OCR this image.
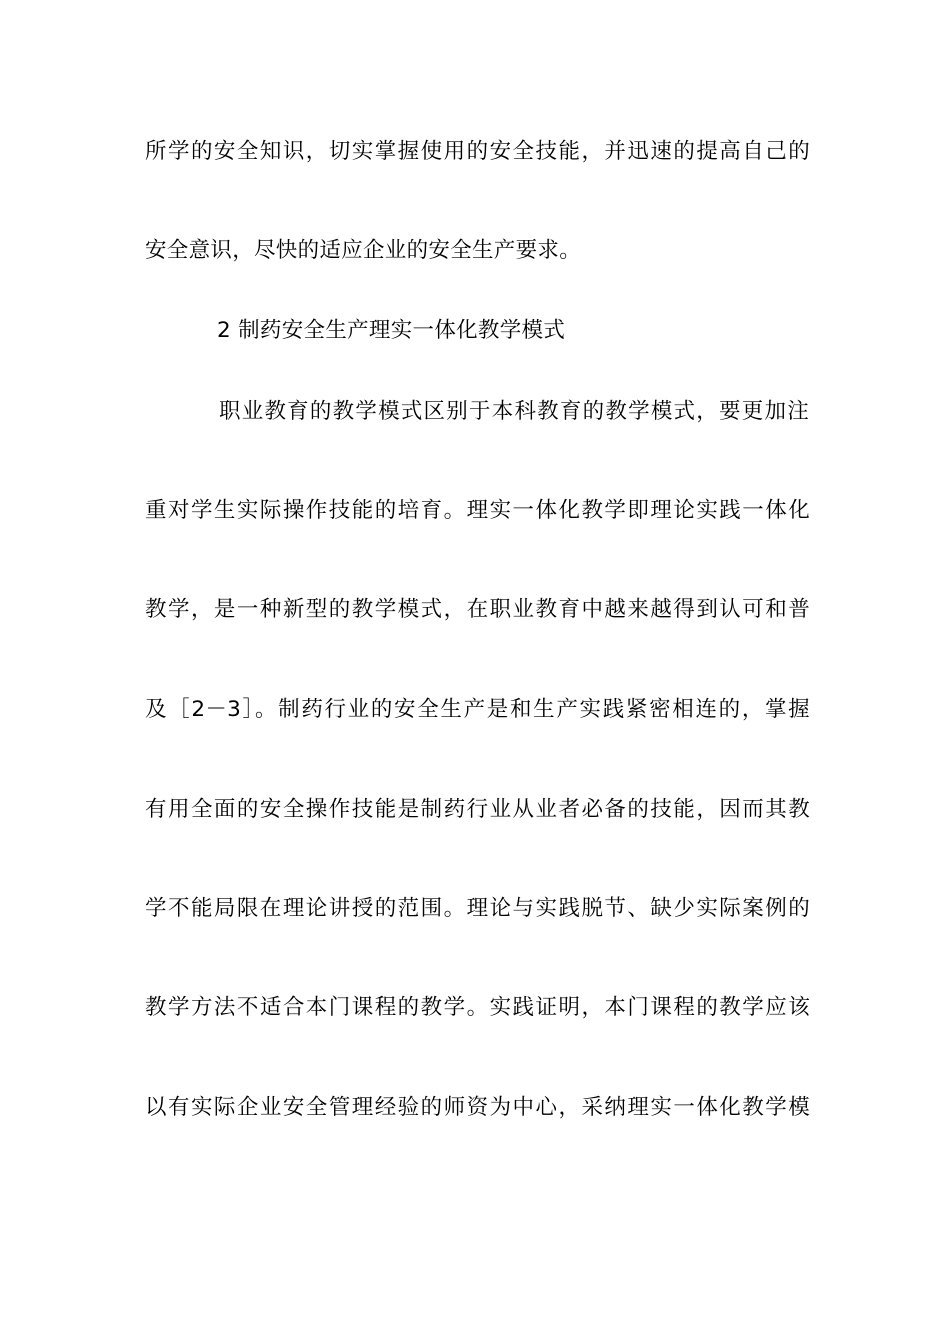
所学的安全知识，切实掌握使用的安全技能，并迅速的提高自己的
安全意识，尽快的适应企业的安全生产要求。
2 制药安全生产理实一体化教学模式
职业教育的教学模式区别于本科教育的教学模式，要更加注
重对学生实际操作技能的培育。理实一体化教学即理论实践一体化
教学，是一种新型的教学模式，在职业教育中越来越得到认可和普
及［2－3］。制药行业的安全生产是和生产实践紧密相连的，掌握
有用全面的安全操作技能是制药行业从业者必备的技能，因而其教
学不能局限在理论讲授的范围。理论与实践脱节、缺少实际案例的
教学方法不适合本门课程的教学。实践证明，本门课程的教学应该
以有实际企业安全管理经验的师资为中心，采纳理实一体化教学模
